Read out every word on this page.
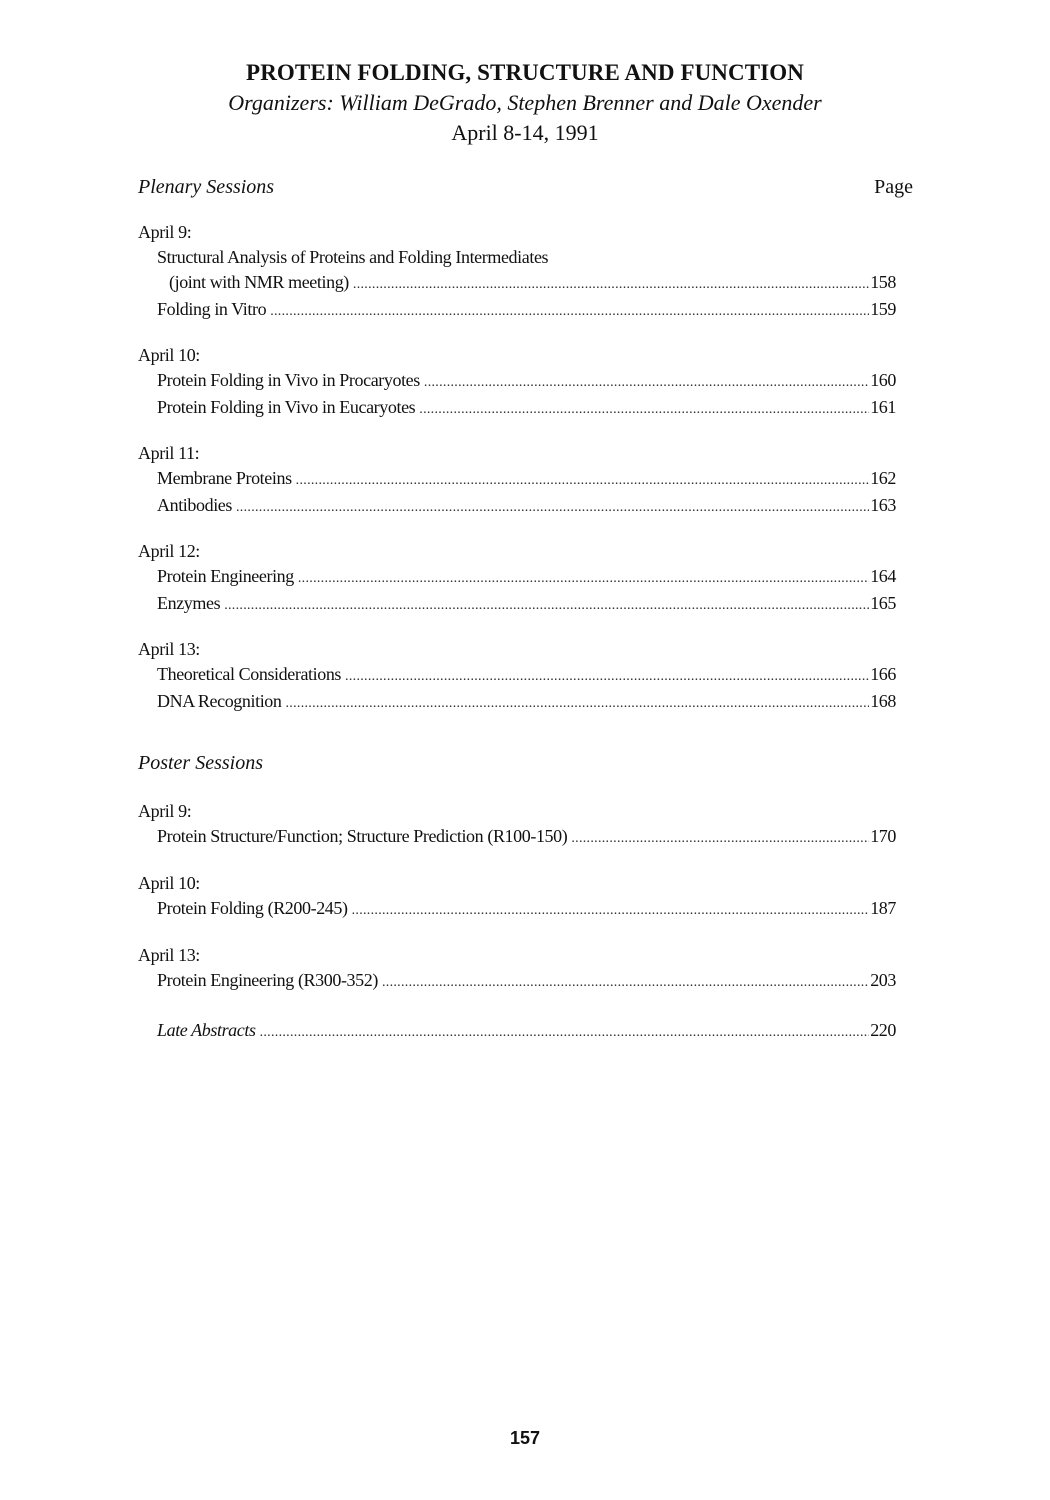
PROTEIN FOLDING, STRUCTURE AND FUNCTION
Organizers: William DeGrado, Stephen Brenner and Dale Oxender
April 8-14, 1991
Plenary Sessions	Page
April 9:
Structural Analysis of Proteins and Folding Intermediates
(joint with NMR meeting) . . .	158
Folding in Vitro . . .	159
April 10:
Protein Folding in Vivo in Procaryotes . . .	160
Protein Folding in Vivo in Eucaryotes . . .	161
April 11:
Membrane Proteins . . .	162
Antibodies . . .	163
April 12:
Protein Engineering . . .	164
Enzymes . . .	165
April 13:
Theoretical Considerations . . .	166
DNA Recognition . . .	168
Poster Sessions
April 9:
Protein Structure/Function; Structure Prediction (R100-150) . . .	170
April 10:
Protein Folding (R200-245) . . .	187
April 13:
Protein Engineering (R300-352) . . .	203
Late Abstracts . . .	220
157
